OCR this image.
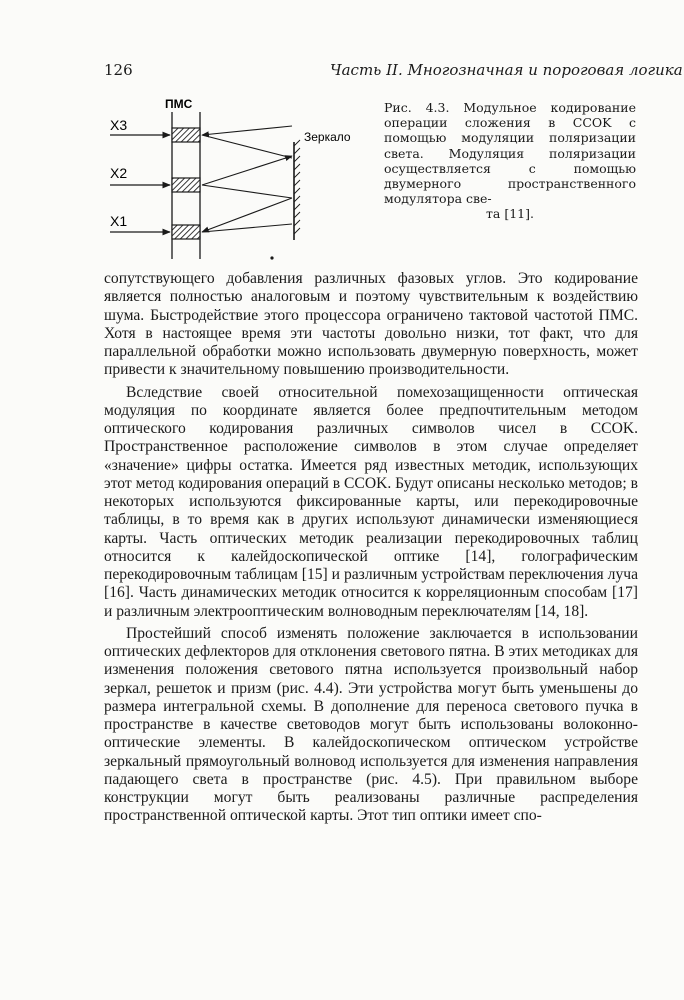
126	Часть II. Многозначная и пороговая логика
ПМС
X3
X2
X1
Зеркало
Рис. 4.3. Модульное кодирование операции сложения в СCOK с помощью модуляции поляризации света. Модуляция поляризации осуществляется с помощью двумерного пространственного модулятора све-
та [11].

сопутствующего добавления различных фазовых углов. Это кодирование является полностью аналоговым и поэтому чувствительным к воздействию шума. Быстродействие этого процессора ограничено тактовой частотой ПМС. Хотя в настоящее время эти частоты довольно низки, тот факт, что для параллельной обработки можно использовать двумерную поверхность, может привести к значительному повышению производительности.

Вследствие своей относительной помехозащищенности оптическая модуляция по координате является более предпочтительным методом оптического кодирования различных символов чисел в СCOK. Пространственное расположение символов в этом случае определяет «значение» цифры остатка. Имеется ряд известных методик, использующих этот метод кодирования операций в СCOK. Будут описаны несколько методов; в некоторых используются фиксированные карты, или перекодировочные таблицы, в то время как в других используют динамически изменяющиеся карты. Часть оптических методик реализации перекодировочных таблиц относится к калейдоскопической оптике [14], голографическим перекодировочным таблицам [15] и различным устройствам переключения луча [16]. Часть динамических методик относится к корреляционным способам [17] и различным электрооптическим волноводным переключателям [14, 18].

Простейший способ изменять положение заключается в использовании оптических дефлекторов для отклонения светового пятна. В этих методиках для изменения положения светового пятна используется произвольный набор зеркал, решеток и призм (рис. 4.4). Эти устройства могут быть уменьшены до размера интегральной схемы. В дополнение для переноса светового пучка в пространстве в качестве световодов могут быть использованы волоконно-оптические элементы. В калейдоскопическом оптическом устройстве зеркальный прямоугольный волновод используется для изменения направления падающего света в пространстве (рис. 4.5). При правильном выборе конструкции могут быть реализованы различные распределения пространственной оптической карты. Этот тип оптики имеет спо-
